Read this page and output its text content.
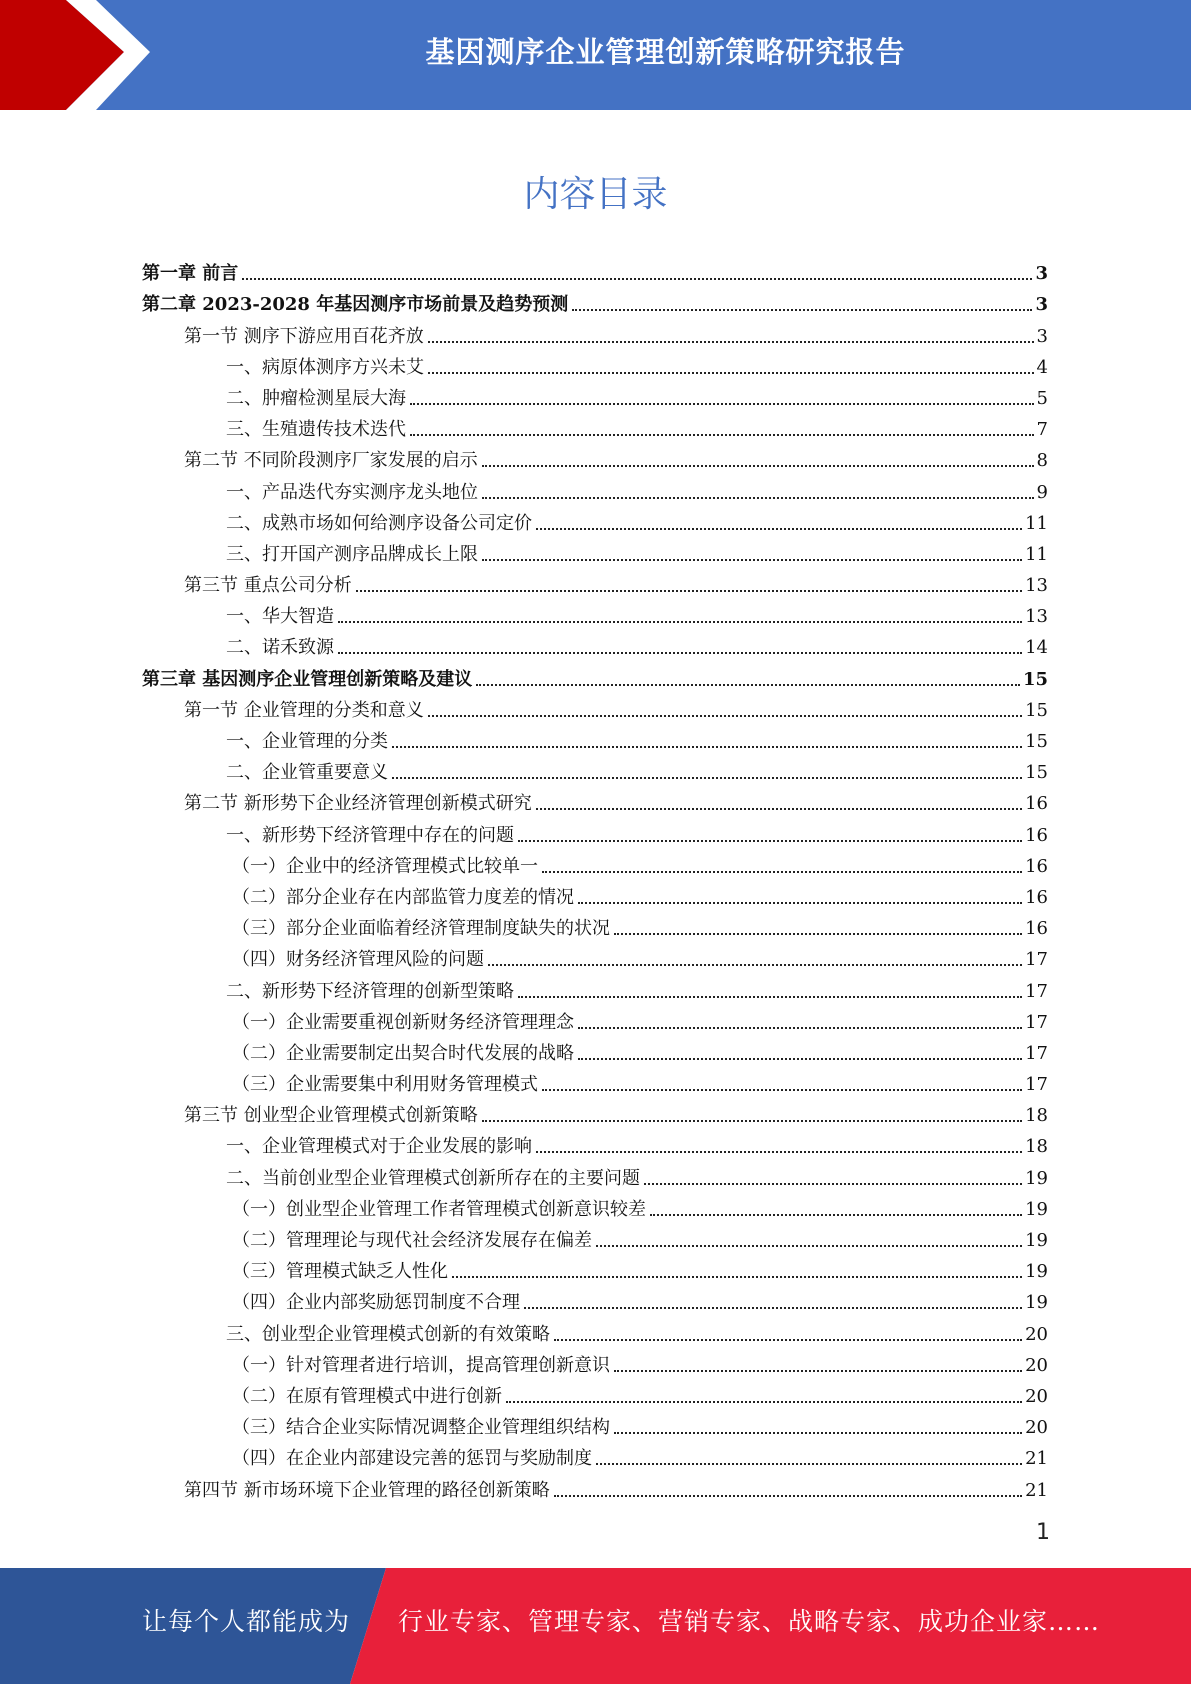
基因测序企业管理创新策略研究报告
内容目录
第一章 前言	3
第二章 2023-2028 年基因测序市场前景及趋势预测	3
第一节 测序下游应用百花齐放	3
一、病原体测序方兴未艾	4
二、肿瘤检测星辰大海	5
三、生殖遗传技术迭代	7
第二节 不同阶段测序厂家发展的启示	8
一、产品迭代夯实测序龙头地位	9
二、成熟市场如何给测序设备公司定价	11
三、打开国产测序品牌成长上限	11
第三节 重点公司分析	13
一、华大智造	13
二、诺禾致源	14
第三章 基因测序企业管理创新策略及建议	15
第一节 企业管理的分类和意义	15
一、企业管理的分类	15
二、企业管重要意义	15
第二节 新形势下企业经济管理创新模式研究	16
一、新形势下经济管理中存在的问题	16
（一）企业中的经济管理模式比较单一	16
（二）部分企业存在内部监管力度差的情况	16
（三）部分企业面临着经济管理制度缺失的状况	16
（四）财务经济管理风险的问题	17
二、新形势下经济管理的创新型策略	17
（一）企业需要重视创新财务经济管理理念	17
（二）企业需要制定出契合时代发展的战略	17
（三）企业需要集中利用财务管理模式	17
第三节 创业型企业管理模式创新策略	18
一、企业管理模式对于企业发展的影响	18
二、当前创业型企业管理模式创新所存在的主要问题	19
（一）创业型企业管理工作者管理模式创新意识较差	19
（二）管理理论与现代社会经济发展存在偏差	19
（三）管理模式缺乏人性化	19
（四）企业内部奖励惩罚制度不合理	19
三、创业型企业管理模式创新的有效策略	20
（一）针对管理者进行培训，提高管理创新意识	20
（二）在原有管理模式中进行创新	20
（三）结合企业实际情况调整企业管理组织结构	20
（四）在企业内部建设完善的惩罚与奖励制度	21
第四节 新市场环境下企业管理的路径创新策略	21
1
让每个人都能成为 行业专家、管理专家、营销专家、战略专家、成功企业家……
